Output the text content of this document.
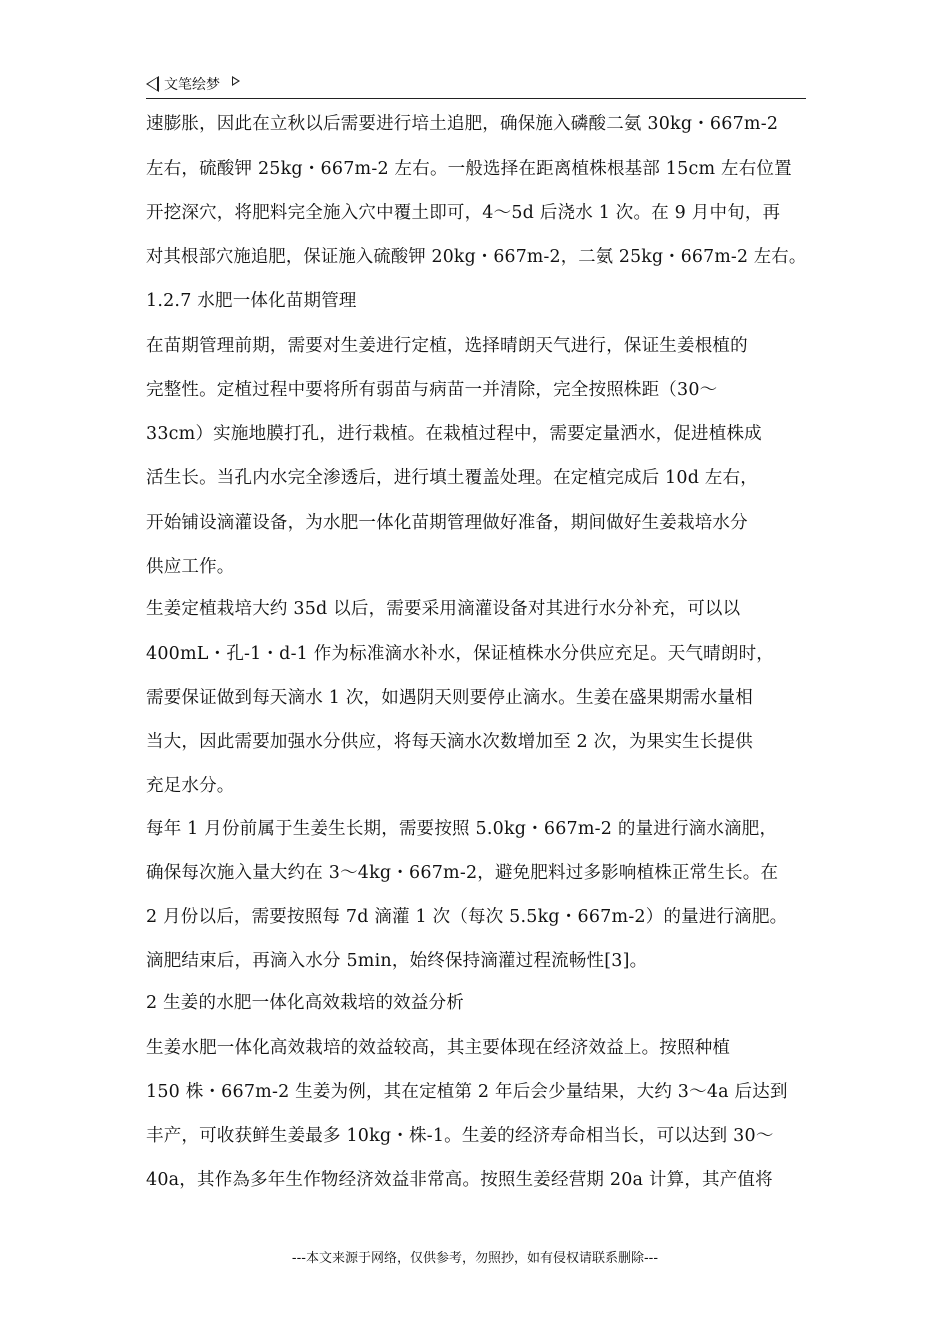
文笔绘梦
速膨胀，因此在立秋以后需要进行培土追肥，确保施入磷酸二氨 30kg・667m-2
左右，硫酸钾 25kg・667m-2 左右。一般选择在距离植株根基部 15cm 左右位置
开挖深穴，将肥料完全施入穴中覆土即可，4～5d 后浇水 1 次。在 9 月中旬，再
对其根部穴施追肥，保证施入硫酸钾 20kg・667m-2，二氨 25kg・667m-2 左右。
1.2.7 水肥一体化苗期管理
在苗期管理前期，需要对生姜进行定植，选择晴朗天气进行，保证生姜根植的
完整性。定植过程中要将所有弱苗与病苗一并清除，完全按照株距（30～
33cm）实施地膜打孔，进行栽植。在栽植过程中，需要定量洒水，促进植株成
活生长。当孔内水完全渗透后，进行填土覆盖处理。在定植完成后 10d 左右，
开始铺设滴灌设备，为水肥一体化苗期管理做好准备，期间做好生姜栽培水分
供应工作。
生姜定植栽培大约 35d 以后，需要采用滴灌设备对其进行水分补充，可以以
400mL・孔-1・d-1 作为标准滴水补水，保证植株水分供应充足。天气晴朗时，
需要保证做到每天滴水 1 次，如遇阴天则要停止滴水。生姜在盛果期需水量相
当大，因此需要加强水分供应，将每天滴水次数增加至 2 次，为果实生长提供
充足水分。
每年 1 月份前属于生姜生长期，需要按照 5.0kg・667m-2 的量进行滴水滴肥，
确保每次施入量大约在 3～4kg・667m-2，避免肥料过多影响植株正常生长。在
2 月份以后，需要按照每 7d 滴灌 1 次（每次 5.5kg・667m-2）的量进行滴肥。
滴肥结束后，再滴入水分 5min，始终保持滴灌过程流畅性[3]。
2 生姜的水肥一体化高效栽培的效益分析
生姜水肥一体化高效栽培的效益较高，其主要体现在经济效益上。按照种植
150 株・667m-2 生姜为例，其在定植第 2 年后会少量结果，大约 3～4a 后达到
丰产，可收获鲜生姜最多 10kg・株-1。生姜的经济寿命相当长，可以达到 30～
40a，其作為多年生作物经济效益非常高。按照生姜经营期 20a 计算，其产值将
---本文来源于网络，仅供参考，勿照抄，如有侵权请联系删除---
